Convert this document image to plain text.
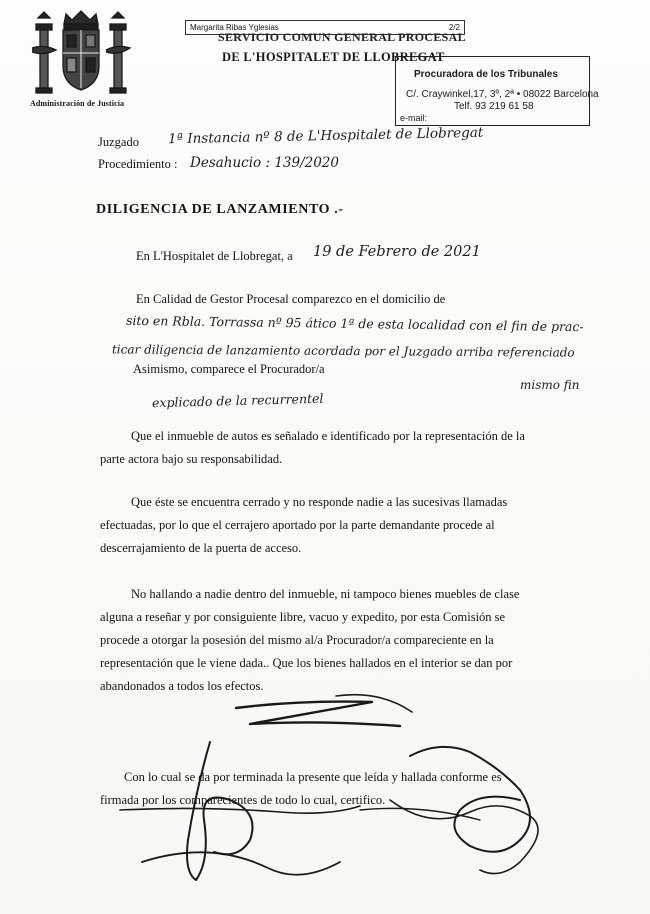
Administración de Justicia
Margarita Ribas Yglesias	2/2
SERVICIO COMUN GENERAL PROCESAL
DE L'HOSPITALET DE LLOBREGAT
Procuradora de los Tribunales
C/. Craywinkel,17, 3º, 2ª • 08022 Barcelona
Telf. 93 219 61 58
e-mail:
Juzgado 1ª Instancia nº 8 de L'Hospitalet de Llobregat
Procedimiento : Desahucio : 139/2020
DILIGENCIA DE LANZAMIENTO .-
En L'Hospitalet de Llobregat, a 19 de Febrero de 2021
En Calidad de Gestor Procesal comparezco en el domicilio de
sito en Rbla. Torrassa nº 95 ático 1ª de esta localidad con el fin de prac-
ticar diligencia de lanzamiento acordada por el Juzgado arriba referenciado
Asimismo, comparece el Procurador/a
mismo fin
explicado de la recurrentel
Que el inmueble de autos es señalado e identificado por la representación de la
parte actora bajo su responsabilidad.
Que éste se encuentra cerrado y no responde nadie a las sucesivas llamadas
efectuadas, por lo que el cerrajero aportado por la parte demandante procede al
descerrajamiento de la puerta de acceso.
No hallando a nadie dentro del inmueble, ni tampoco bienes muebles de clase
alguna a reseñar y por consiguiente libre, vacuo y expedito, por esta Comisión se
procede a otorgar la posesión del mismo al/a Procurador/a compareciente en la
representación que le viene dada.. Que los bienes hallados en el interior se dan por
abandonados a todos los efectos.
Con lo cual se da por terminada la presente que leída y hallada conforme es
firmada por los comparecientes de todo lo cual, certifico.
